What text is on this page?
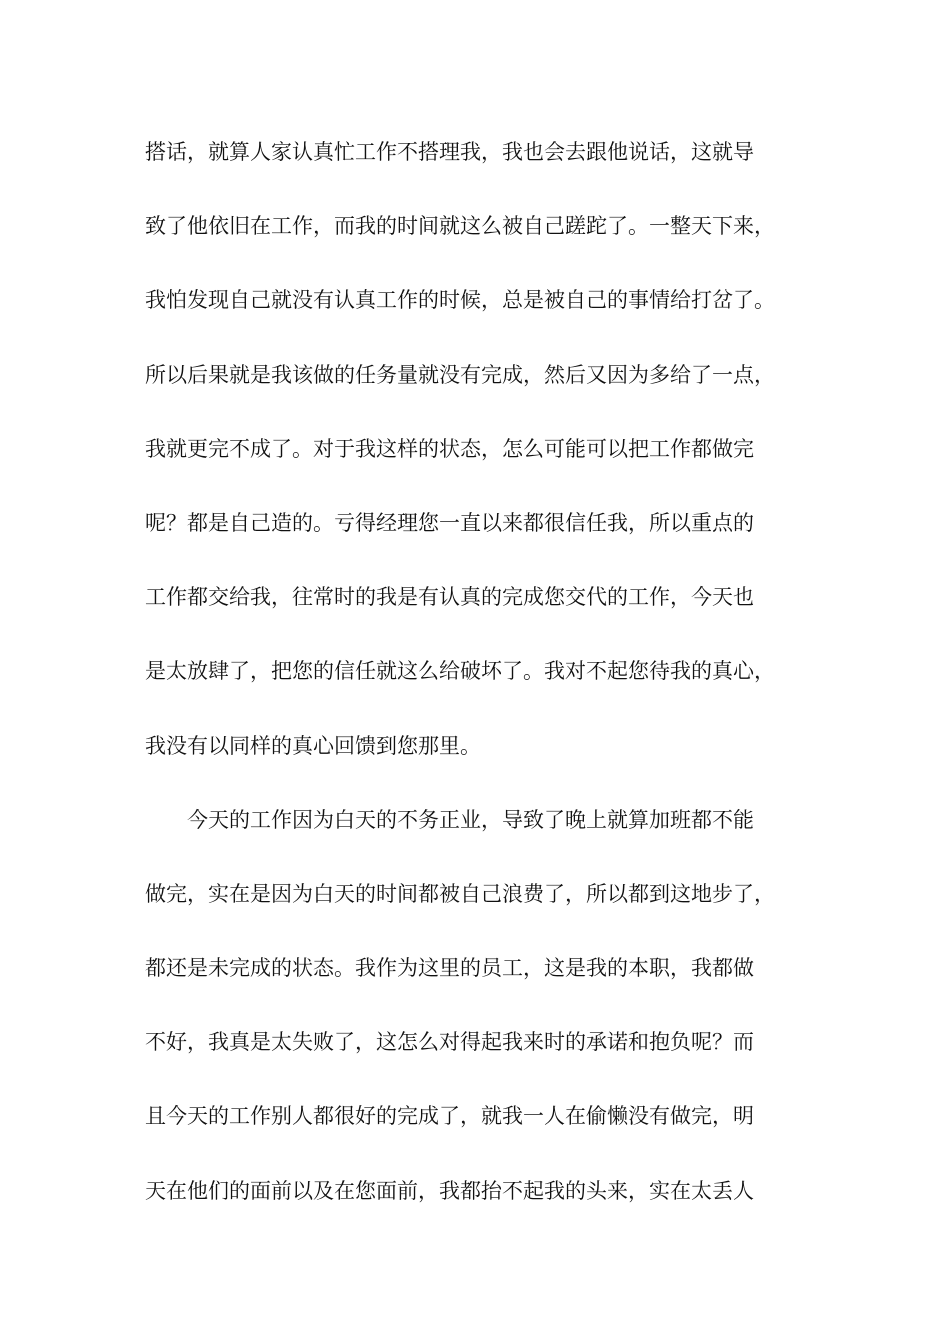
搭话，就算人家认真忙工作不搭理我，我也会去跟他说话，这就导
致了他依旧在工作，而我的时间就这么被自己蹉跎了。一整天下来，
我怕发现自己就没有认真工作的时候，总是被自己的事情给打岔了。
所以后果就是我该做的任务量就没有完成，然后又因为多给了一点，
我就更完不成了。对于我这样的状态，怎么可能可以把工作都做完
呢？都是自己造的。亏得经理您一直以来都很信任我，所以重点的
工作都交给我，往常时的我是有认真的完成您交代的工作，今天也
是太放肆了，把您的信任就这么给破坏了。我对不起您待我的真心，
我没有以同样的真心回馈到您那里。
今天的工作因为白天的不务正业，导致了晚上就算加班都不能
做完，实在是因为白天的时间都被自己浪费了，所以都到这地步了，
都还是未完成的状态。我作为这里的员工，这是我的本职，我都做
不好，我真是太失败了，这怎么对得起我来时的承诺和抱负呢？而
且今天的工作别人都很好的完成了，就我一人在偷懒没有做完，明
天在他们的面前以及在您面前，我都抬不起我的头来，实在太丢人
